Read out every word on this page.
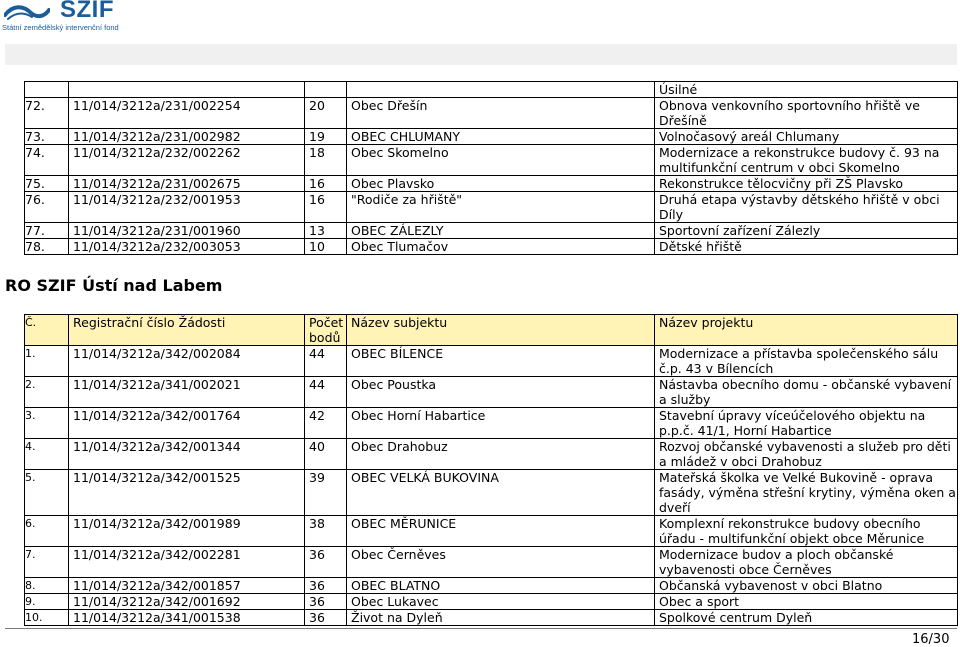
SZIF
Státní zemědělský intervenční fond
				Úsilné
72.	11/014/3212a/231/002254	20	Obec Dřešín	Obnova venkovního sportovního hřiště ve Dřešíně
73.	11/014/3212a/231/002982	19	OBEC CHLUMANY	Volnočasový areál Chlumany
74.	11/014/3212a/232/002262	18	Obec Skomelno	Modernizace a rekonstrukce budovy č. 93 na multifunkční centrum v obci Skomelno
75.	11/014/3212a/231/002675	16	Obec Plavsko	Rekonstrukce tělocvičny při ZŠ Plavsko
76.	11/014/3212a/232/001953	16	"Rodiče za hřiště"	Druhá etapa výstavby dětského hřiště v obci Díly
77.	11/014/3212a/231/001960	13	OBEC ZÁLEZLY	Sportovní zařízení Zálezly
78.	11/014/3212a/232/003053	10	Obec Tlumačov	Dětské hřiště
RO SZIF Ústí nad Labem
Č.	Registrační číslo Žádosti	Počet bodů	Název subjektu	Název projektu
1.	11/014/3212a/342/002084	44	OBEC BÍLENCE	Modernizace a přístavba společenského sálu č.p. 43 v Bílencích
2.	11/014/3212a/341/002021	44	Obec Poustka	Nástavba obecního domu - občanské vybavení a služby
3.	11/014/3212a/342/001764	42	Obec Horní Habartice	Stavební úpravy víceúčelového objektu na p.p.č. 41/1, Horní Habartice
4.	11/014/3212a/342/001344	40	Obec Drahobuz	Rozvoj občanské vybavenosti a služeb pro děti a mládež v obci Drahobuz
5.	11/014/3212a/342/001525	39	OBEC VELKÁ BUKOVINA	Mateřská školka ve Velké Bukovině - oprava fasády, výměna střešní krytiny, výměna oken a dveří
6.	11/014/3212a/342/001989	38	OBEC MĚRUNICE	Komplexní rekonstrukce budovy obecního úřadu - multifunkční objekt obce Měrunice
7.	11/014/3212a/342/002281	36	Obec Černěves	Modernizace budov a ploch občanské vybavenosti obce Černěves
8.	11/014/3212a/342/001857	36	OBEC BLATNO	Občanská vybavenost v obci Blatno
9.	11/014/3212a/342/001692	36	Obec Lukavec	Obec a sport
10.	11/014/3212a/341/001538	36	Život na Dyleň	Spolkové centrum Dyleň
16/30
